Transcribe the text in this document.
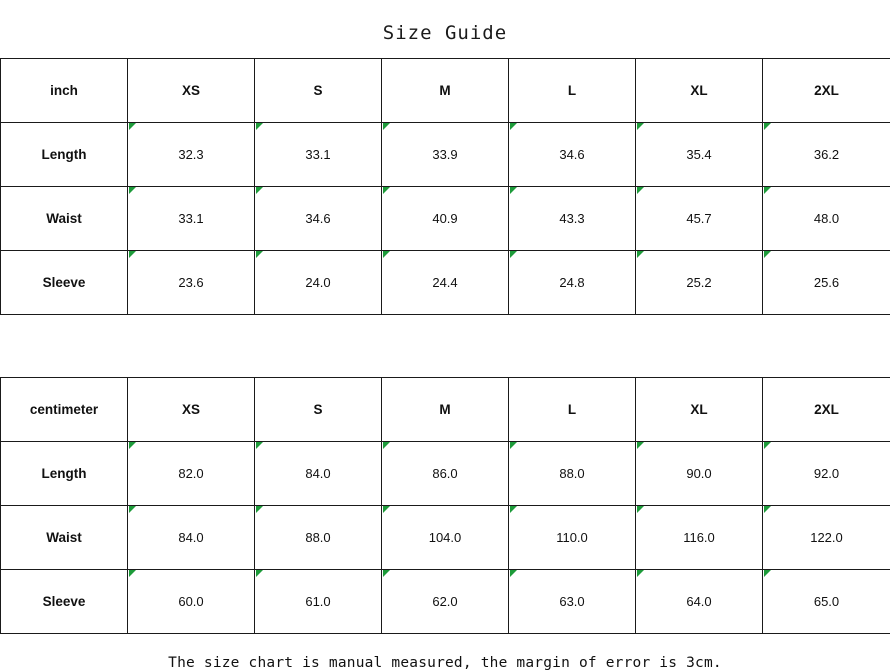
Size Guide
inch	XS	S	M	L	XL	2XL
Length	32.3	33.1	33.9	34.6	35.4	36.2
Waist	33.1	34.6	40.9	43.3	45.7	48.0
Sleeve	23.6	24.0	24.4	24.8	25.2	25.6
centimeter	XS	S	M	L	XL	2XL
Length	82.0	84.0	86.0	88.0	90.0	92.0
Waist	84.0	88.0	104.0	110.0	116.0	122.0
Sleeve	60.0	61.0	62.0	63.0	64.0	65.0
The size chart is manual measured, the margin of error is 3cm.
